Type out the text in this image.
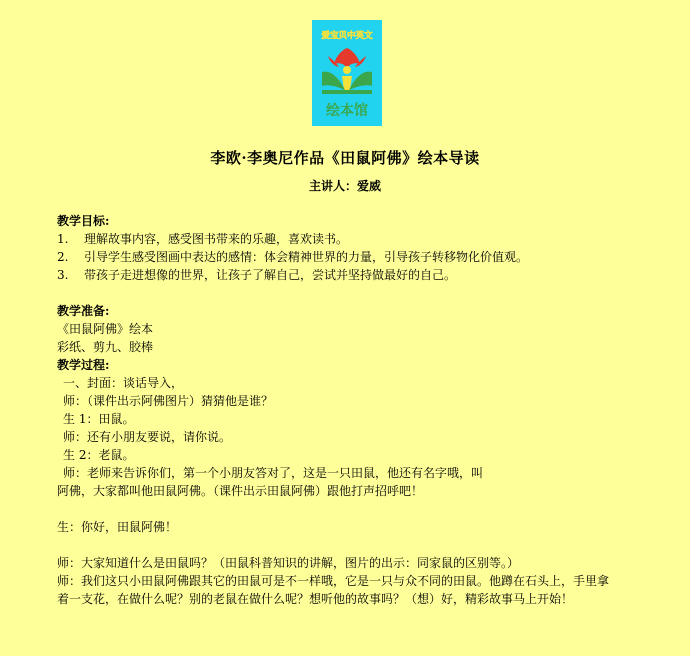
爱宝贝中英文
绘本馆
李欧·李奥尼作品《田鼠阿佛》绘本导读
主讲人：爱威
教学目标:
1.	理解故事内容，感受图书带来的乐趣，喜欢读书。
2.	引导学生感受图画中表达的感情：体会精神世界的力量，引导孩子转移物化价值观。
3.	带孩子走进想像的世界，让孩子了解自己，尝试并坚持做最好的自己。
教学准备:
《田鼠阿佛》绘本
彩纸、剪九、胶棒
教学过程:
一、封面：谈话导入，
师：（课件出示阿佛图片）猜猜他是谁？
生 1：田鼠。
师：还有小朋友要说，请你说。
生 2：老鼠。
师：老师来告诉你们，第一个小朋友答对了，这是一只田鼠，他还有名字哦，叫
阿佛，大家都叫他田鼠阿佛。（课件出示田鼠阿佛）跟他打声招呼吧！
生：你好，田鼠阿佛！
师：大家知道什么是田鼠吗？（田鼠科普知识的讲解，图片的出示：同家鼠的区别等。）
师：我们这只小田鼠阿佛跟其它的田鼠可是不一样哦，它是一只与众不同的田鼠。他蹲在石头上，手里拿
着一支花，在做什么呢？别的老鼠在做什么呢？想听他的故事吗？（想）好，精彩故事马上开始！
